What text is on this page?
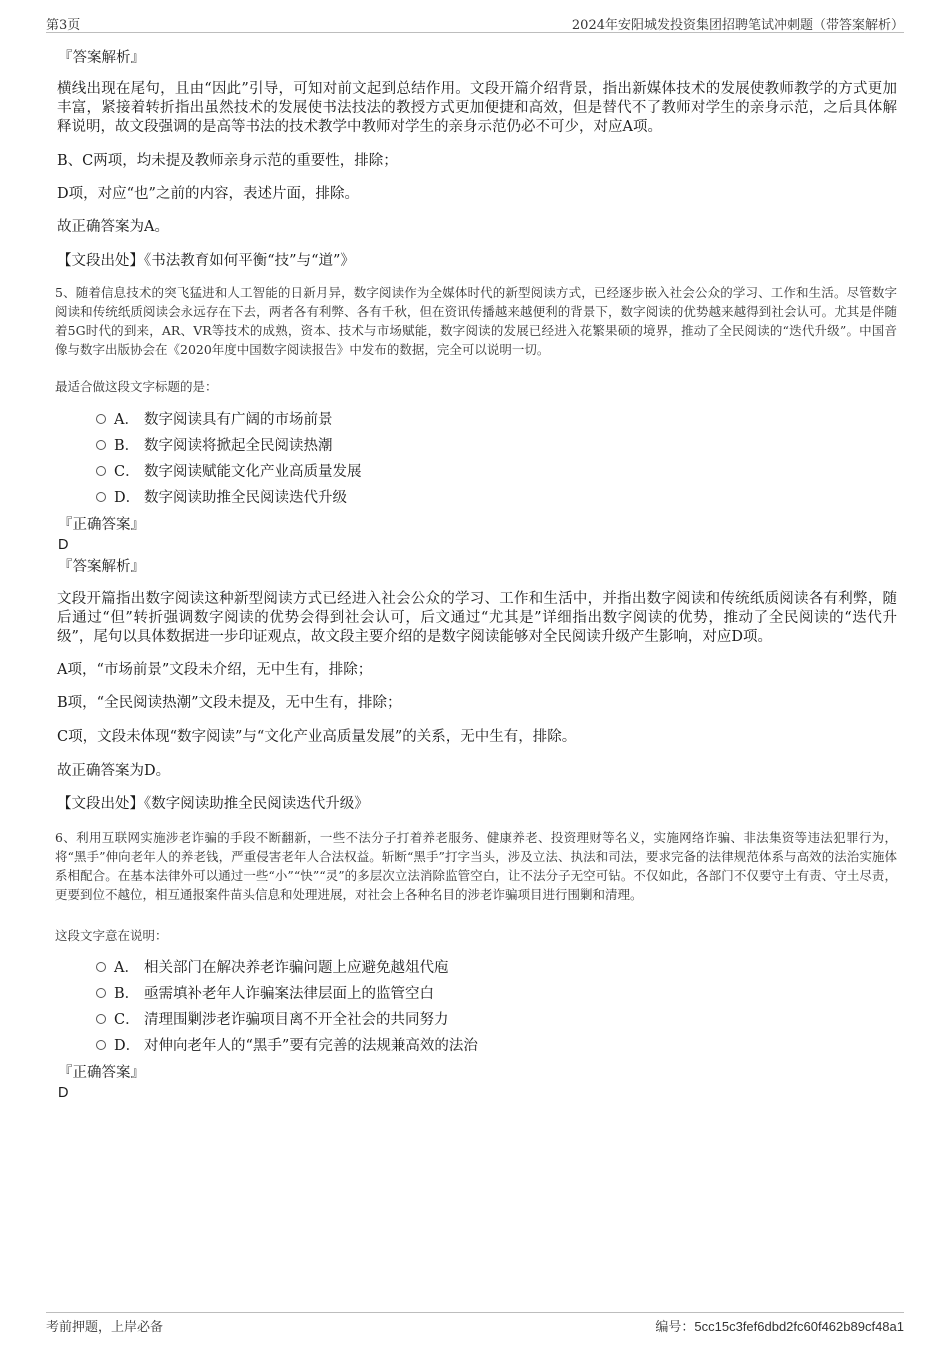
第3页	2024年安阳城发投资集团招聘笔试冲刺题（带答案解析）

『答案解析』

横线出现在尾句，且由“因此”引导，可知对前文起到总结作用。文段开篇介绍背景，指出新媒体技术的发展使教师教学的方式更加丰富，紧接着转折指出虽然技术的发展使书法技法的教授方式更加便捷和高效，但是替代不了教师对学生的亲身示范，之后具体解释说明，故文段强调的是高等书法的技术教学中教师对学生的亲身示范仍必不可少，对应A项。

B、C两项，均未提及教师亲身示范的重要性，排除；

D项，对应“也”之前的内容，表述片面，排除。

故正确答案为A。

【文段出处】《书法教育如何平衡“技”与“道”》

5、随着信息技术的突飞猛进和人工智能的日新月异，数字阅读作为全媒体时代的新型阅读方式，已经逐步嵌入社会公众的学习、工作和生活。尽管数字阅读和传统纸质阅读会永远存在下去，两者各有利弊、各有千秋，但在资讯传播越来越便利的背景下，数字阅读的优势越来越得到社会认可。尤其是伴随着5G时代的到来，AR、VR等技术的成熟，资本、技术与市场赋能，数字阅读的发展已经进入花繁果硕的境界，推动了全民阅读的“迭代升级”。中国音像与数字出版协会在《2020年度中国数字阅读报告》中发布的数据，完全可以说明一切。

最适合做这段文字标题的是：

A． 数字阅读具有广阔的市场前景
B． 数字阅读将掀起全民阅读热潮
C． 数字阅读赋能文化产业高质量发展
D． 数字阅读助推全民阅读迭代升级

『正确答案』

D

『答案解析』

文段开篇指出数字阅读这种新型阅读方式已经进入社会公众的学习、工作和生活中，并指出数字阅读和传统纸质阅读各有利弊，随后通过“但”转折强调数字阅读的优势会得到社会认可，后文通过“尤其是”详细指出数字阅读的优势，推动了全民阅读的“迭代升级”，尾句以具体数据进一步印证观点，故文段主要介绍的是数字阅读能够对全民阅读升级产生影响，对应D项。

A项，“市场前景”文段未介绍，无中生有，排除；

B项，“全民阅读热潮”文段未提及，无中生有，排除；

C项，文段未体现“数字阅读”与“文化产业高质量发展”的关系，无中生有，排除。

故正确答案为D。

【文段出处】《数字阅读助推全民阅读迭代升级》

6、利用互联网实施涉老诈骗的手段不断翻新，一些不法分子打着养老服务、健康养老、投资理财等名义，实施网络诈骗、非法集资等违法犯罪行为，将“黑手”伸向老年人的养老钱，严重侵害老年人合法权益。斩断“黑手”打字当头，涉及立法、执法和司法，要求完备的法律规范体系与高效的法治实施体系相配合。在基本法律外可以通过一些“小”“快”“灵”的多层次立法消除监管空白，让不法分子无空可钻。不仅如此，各部门不仅要守土有责、守土尽责，更要到位不越位，相互通报案件苗头信息和处理进展，对社会上各种名目的涉老诈骗项目进行围剿和清理。

这段文字意在说明：

A． 相关部门在解决养老诈骗问题上应避免越俎代庖
B． 亟需填补老年人诈骗案法律层面上的监管空白
C． 清理围剿涉老诈骗项目离不开全社会的共同努力
D． 对伸向老年人的“黑手”要有完善的法规兼高效的法治

『正确答案』

D

考前押题，上岸必备	编号：5cc15c3fef6dbd2fc60f462b89cf48a1
